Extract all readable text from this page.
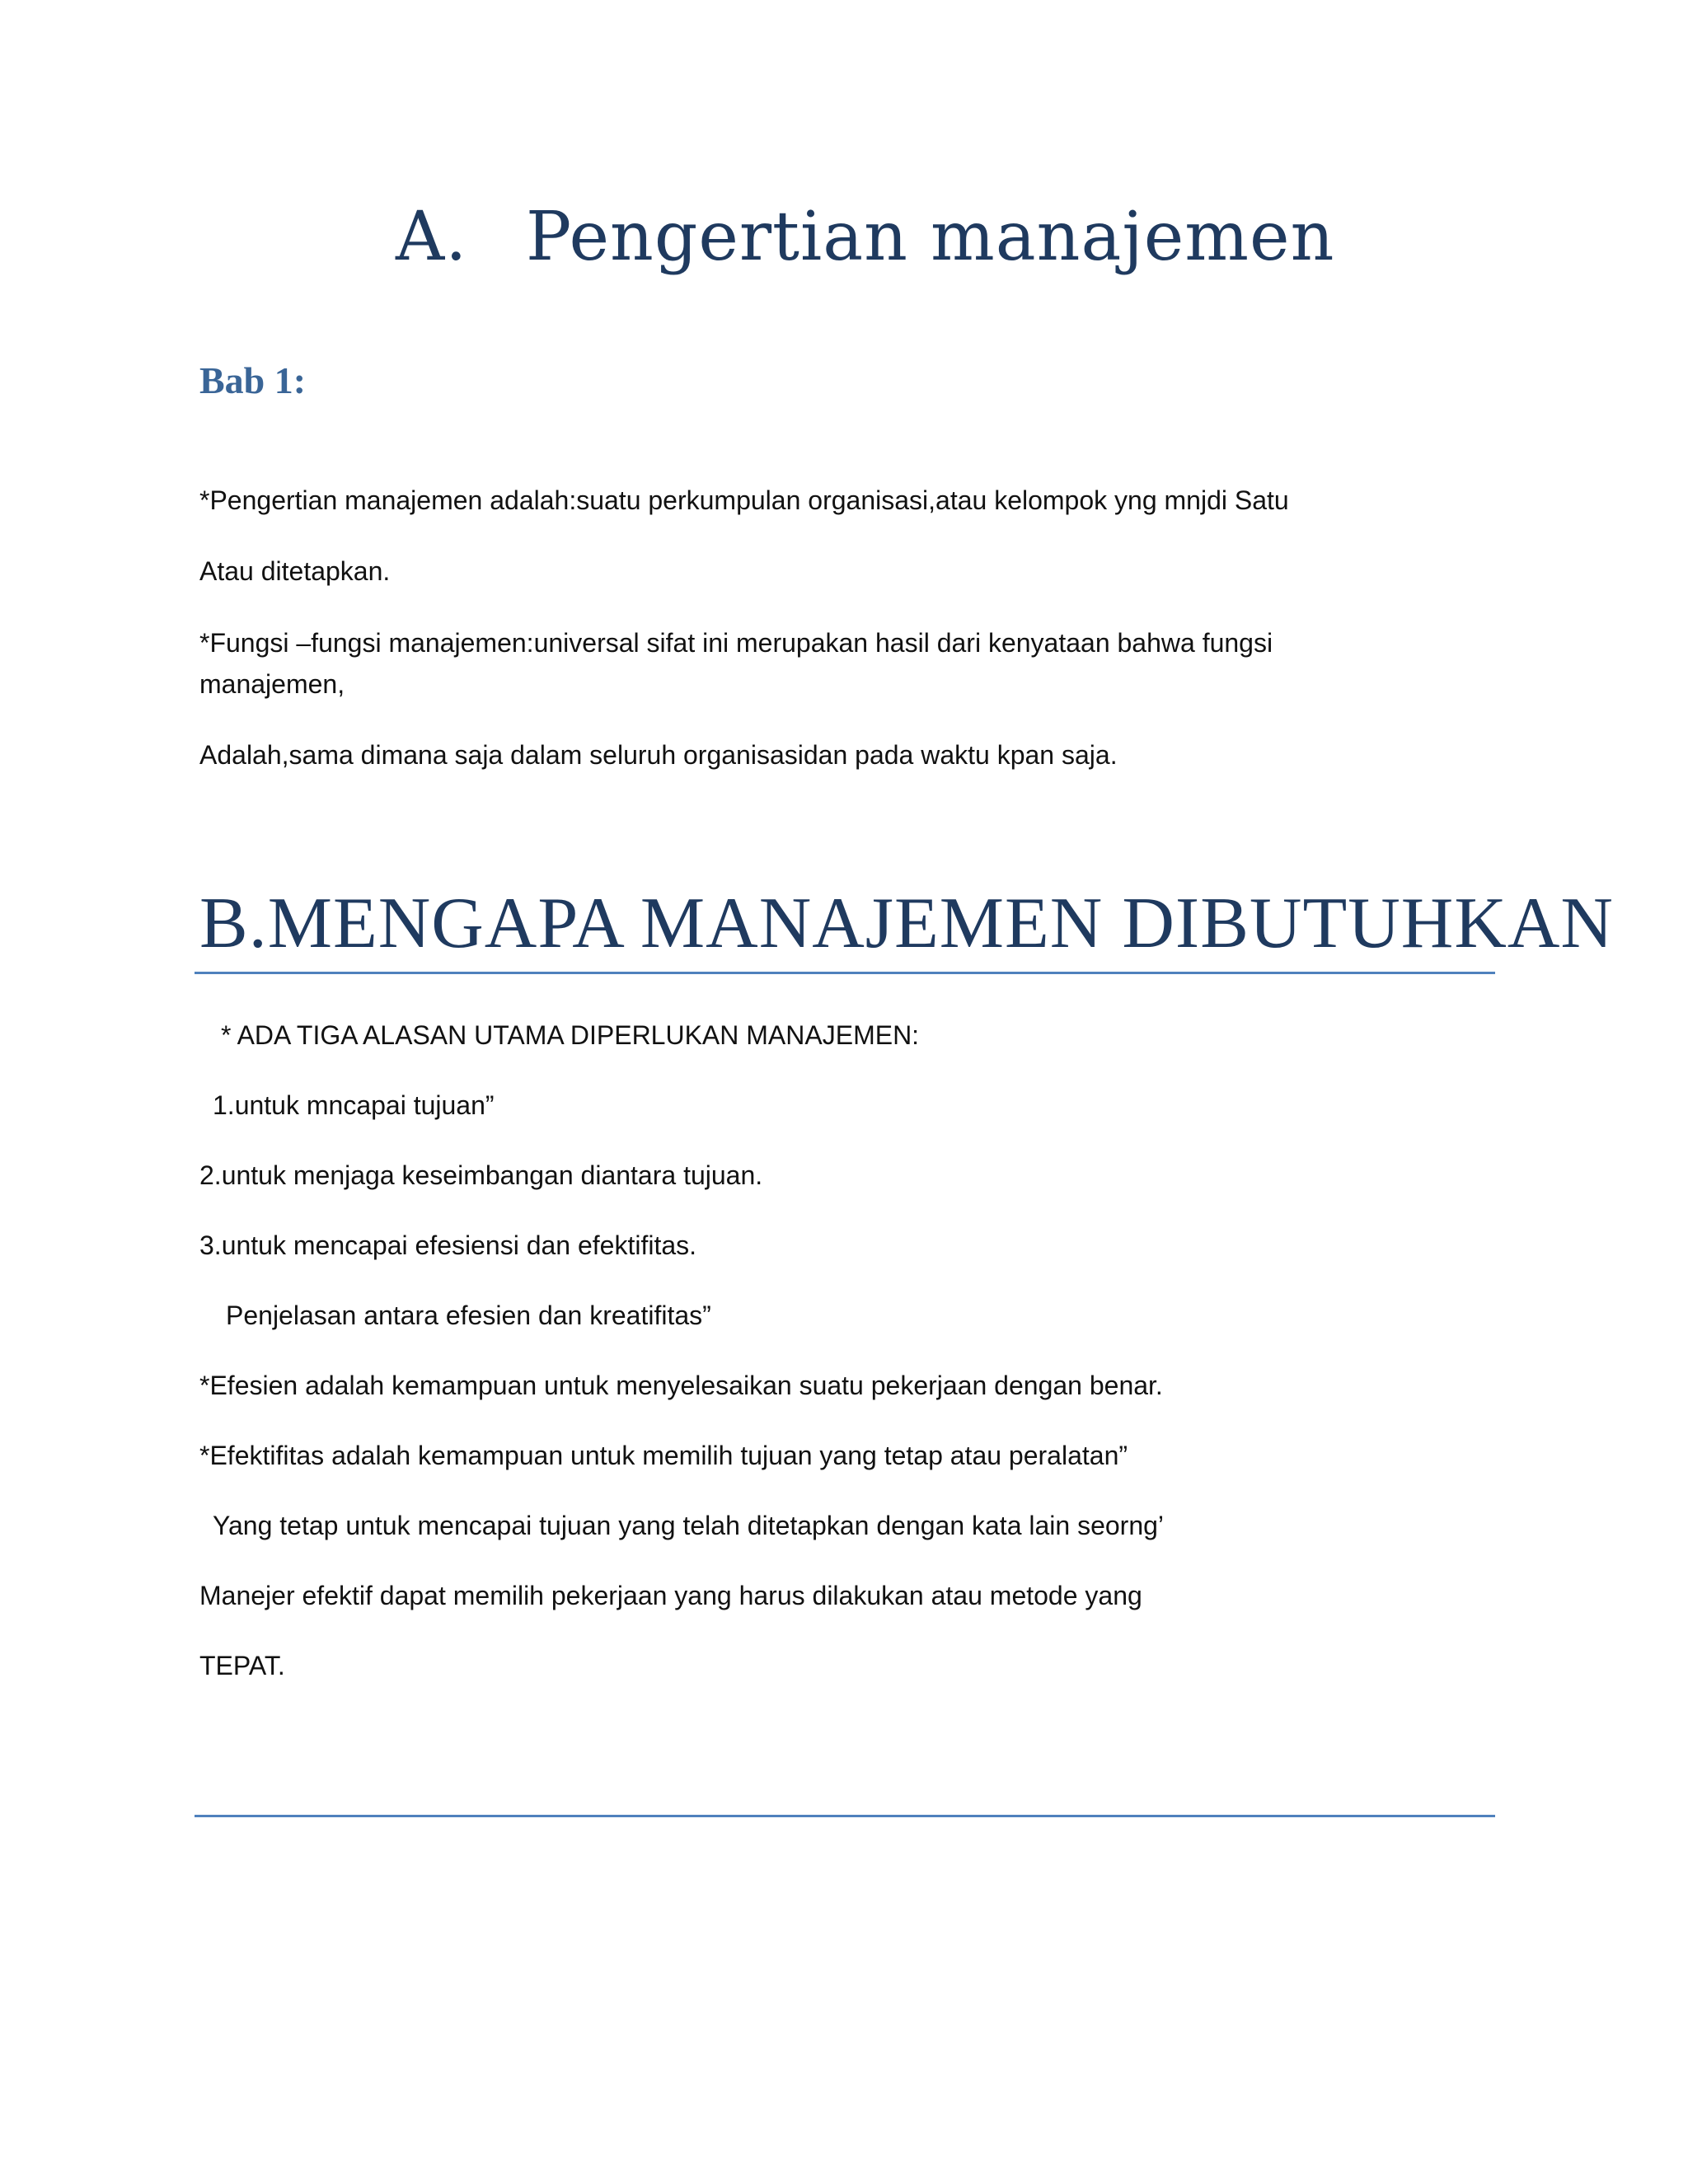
A. Pengertian manajemen
Bab 1:
*Pengertian manajemen adalah:suatu perkumpulan organisasi,atau kelompok yng mnjdi Satu
Atau ditetapkan.
*Fungsi –fungsi manajemen:universal sifat ini merupakan hasil dari kenyataan bahwa fungsi manajemen,
Adalah,sama dimana saja dalam seluruh organisasidan pada waktu kpan saja.
B.MENGAPA MANAJEMEN DIBUTUHKAN
* ADA TIGA ALASAN UTAMA DIPERLUKAN MANAJEMEN:
1.untuk mncapai tujuan”
2.untuk menjaga keseimbangan diantara tujuan.
3.untuk mencapai efesiensi dan efektifitas.
Penjelasan antara efesien dan kreatifitas”
*Efesien adalah kemampuan untuk menyelesaikan suatu pekerjaan dengan benar.
*Efektifitas adalah kemampuan untuk memilih tujuan yang tetap atau peralatan”
Yang tetap untuk mencapai tujuan yang telah ditetapkan dengan kata lain seorng’
Manejer efektif dapat memilih pekerjaan yang harus dilakukan atau metode yang
TEPAT.
